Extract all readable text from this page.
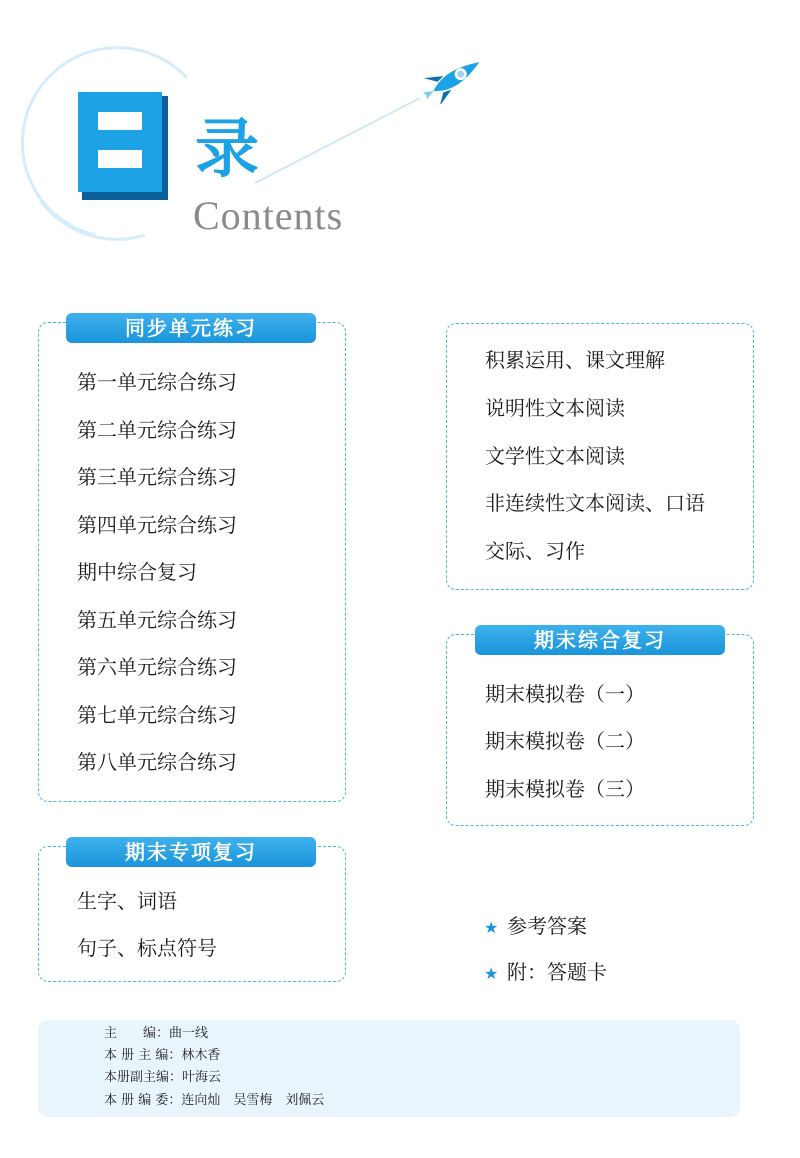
录
Contents
同步单元练习
第一单元综合练习
第二单元综合练习
第三单元综合练习
第四单元综合练习
期中综合复习
第五单元综合练习
第六单元综合练习
第七单元综合练习
第八单元综合练习
期末专项复习
生字、词语
句子、标点符号
积累运用、课文理解
说明性文本阅读
文学性文本阅读
非连续性文本阅读、口语
交际、习作
期末综合复习
期末模拟卷（一）
期末模拟卷（二）
期末模拟卷（三）
★ 参考答案
★ 附：答题卡
主　　编：曲一线
本 册 主 编：林木香
本册副主编：叶海云
本 册 编 委：连向灿　吴雪梅　刘佩云
